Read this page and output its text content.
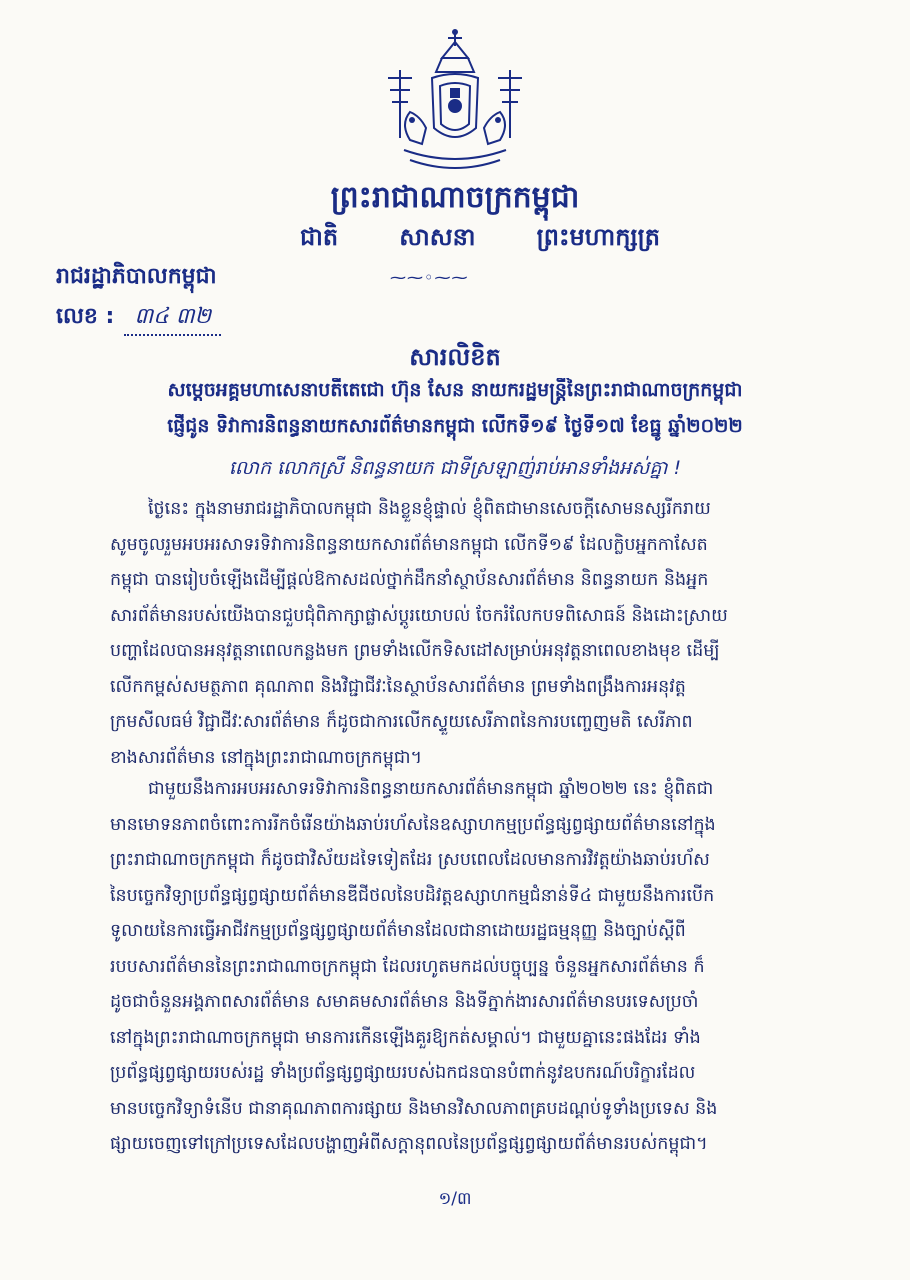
ព្រះរាជាណាចក្រកម្ពុជា
ជាតិ	សាសនា	ព្រះមហាក្សត្រ
⁓⁓◦⁓⁓
រាជរដ្ឋាភិបាលកម្ពុជា
លេខ : ៣៤ ៣២
សារលិខិត
សម្តេចអគ្គមហាសេនាបតីតេជោ ហ៊ុន សែន នាយករដ្ឋមន្ត្រីនៃព្រះរាជាណាចក្រកម្ពុជា
ផ្ញើជូន ទិវាការនិពន្ធនាយកសារព័ត៌មានកម្ពុជា លើកទី១៩ ថ្ងៃទី១៧ ខែធ្នូ ឆ្នាំ២០២២
លោក លោកស្រី និពន្ធនាយក ជាទីស្រឡាញ់រាប់អានទាំងអស់គ្នា !
ថ្ងៃនេះ ក្នុងនាមរាជរដ្ឋាភិបាលកម្ពុជា និងខ្លួនខ្ញុំផ្ទាល់ ខ្ញុំពិតជាមានសេចក្តីសោមនស្សរីករាយ
សូមចូលរួមអបអរសាទរទិវាការនិពន្ធនាយកសារព័ត៌មានកម្ពុជា លើកទី១៩ ដែលក្លិបអ្នកកាសែត
កម្ពុជា បានរៀបចំឡើងដើម្បីផ្តល់ឱកាសដល់ថ្នាក់ដឹកនាំស្ថាប័នសារព័ត៌មាន និពន្ធនាយក និងអ្នក
សារព័ត៌មានរបស់យើងបានជួបជុំពិភាក្សាផ្លាស់ប្តូរយោបល់ ចែករំលែកបទពិសោធន៍ និងដោះស្រាយ
បញ្ហាដែលបានអនុវត្តនាពេលកន្លងមក ព្រមទាំងលើកទិសដៅសម្រាប់អនុវត្តនាពេលខាងមុខ ដើម្បី
លើកកម្ពស់សមត្ថភាព គុណភាព និងវិជ្ជាជីវៈនៃស្ថាប័នសារព័ត៌មាន ព្រមទាំងពង្រឹងការអនុវត្ត
ក្រមសីលធម៌ វិជ្ជាជីវៈសារព័ត៌មាន ក៏ដូចជាការលើកស្ទួយសេរីភាពនៃការបញ្ចេញមតិ សេរីភាព
ខាងសារព័ត៌មាន នៅក្នុងព្រះរាជាណាចក្រកម្ពុជា។
ជាមួយនឹងការអបអរសាទរទិវាការនិពន្ធនាយកសារព័ត៌មានកម្ពុជា ឆ្នាំ២០២២ នេះ ខ្ញុំពិតជា
មានមោទនភាពចំពោះការរីកចំរើនយ៉ាងឆាប់រហ័សនៃឧស្សាហកម្មប្រព័ន្ធផ្សព្វផ្សាយព័ត៌មាននៅក្នុង
ព្រះរាជាណាចក្រកម្ពុជា ក៏ដូចជាវិស័យដទៃទៀតដែរ ស្របពេលដែលមានការវិវត្តយ៉ាងឆាប់រហ័ស
នៃបច្ចេកវិទ្យាប្រព័ន្ធផ្សព្វផ្សាយព័ត៌មានឌីជីថលនៃបដិវត្តឧស្សាហកម្មជំនាន់ទី៤ ជាមួយនឹងការបើក
ទូលាយនៃការធ្វើអាជីវកម្មប្រព័ន្ធផ្សព្វផ្សាយព័ត៌មានដែលជានាដោយរដ្ឋធម្មនុញ្ញ និងច្បាប់ស្តីពី
របបសារព័ត៌មាននៃព្រះរាជាណាចក្រកម្ពុជា ដែលរហូតមកដល់បច្ចុប្បន្ន ចំនួនអ្នកសារព័ត៌មាន ក៏
ដូចជាចំនួនអង្គភាពសារព័ត៌មាន សមាគមសារព័ត៌មាន និងទីភ្នាក់ងារសារព័ត៌មានបរទេសប្រចាំ
នៅក្នុងព្រះរាជាណាចក្រកម្ពុជា មានការកើនឡើងគួរឱ្យកត់សម្គាល់។ ជាមួយគ្នានេះផងដែរ ទាំង
ប្រព័ន្ធផ្សព្វផ្សាយរបស់រដ្ឋ ទាំងប្រព័ន្ធផ្សព្វផ្សាយរបស់ឯកជនបានបំពាក់នូវឧបករណ៍បរិក្ខារដែល
មានបច្ចេកវិទ្យាទំនើប ជានាគុណភាពការផ្សាយ និងមានវិសាលភាពគ្របដណ្តប់ទូទាំងប្រទេស និង
ផ្សាយចេញទៅក្រៅប្រទេសដែលបង្ហាញអំពីសក្តានុពលនៃប្រព័ន្ធផ្សព្វផ្សាយព័ត៌មានរបស់កម្ពុជា។
១/៣
